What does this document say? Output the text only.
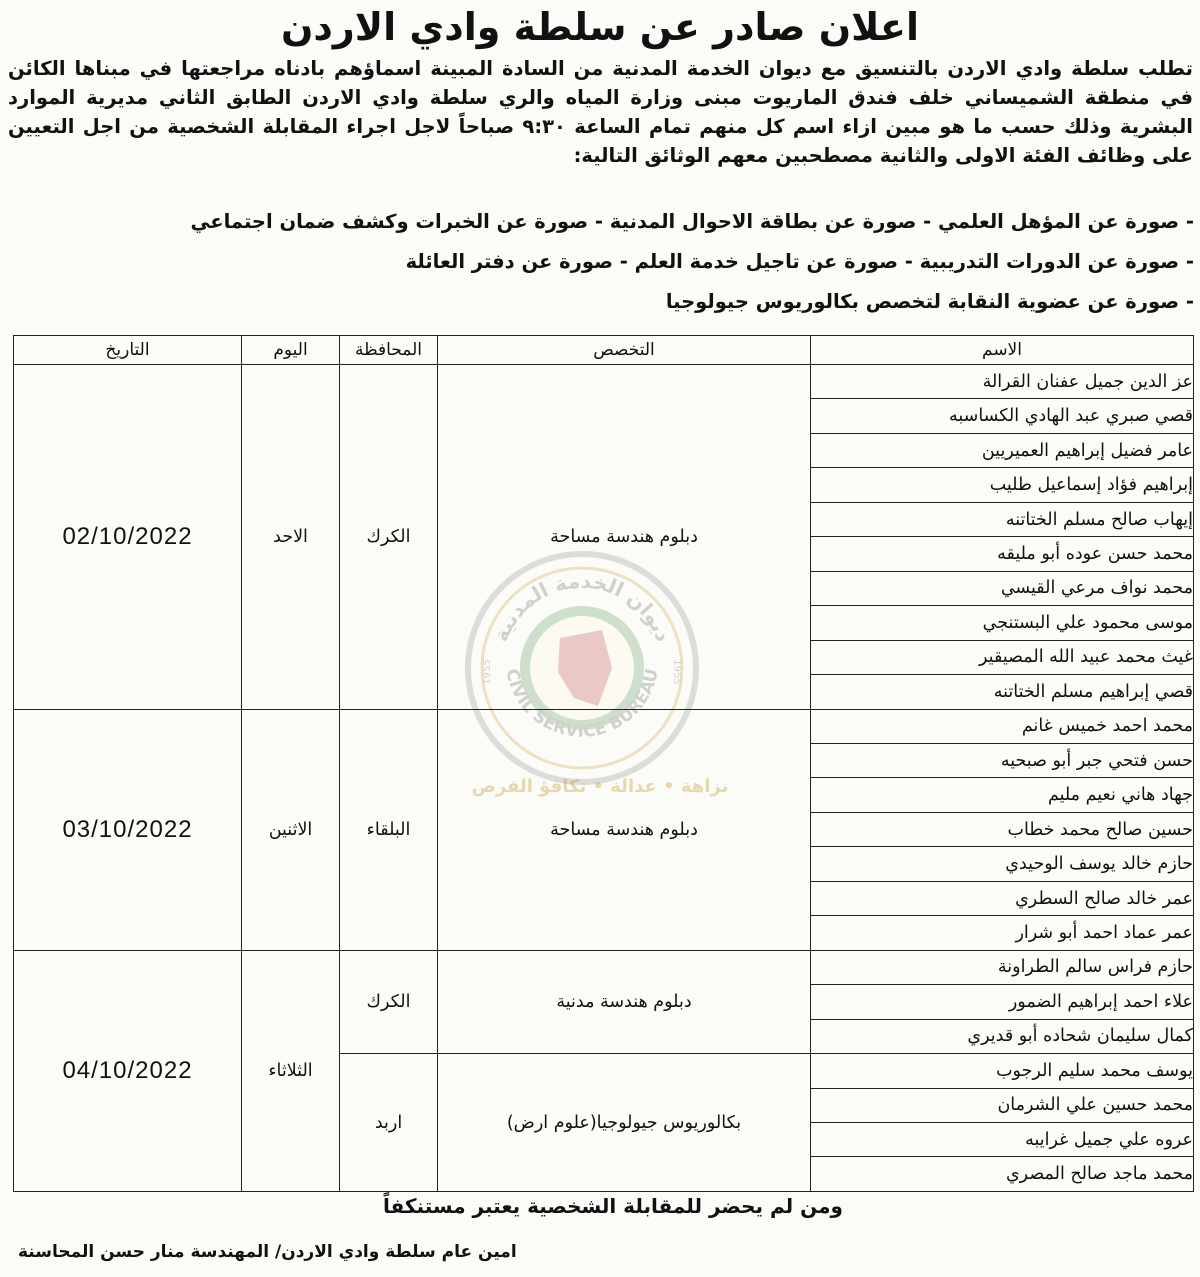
اعلان صادر عن سلطة وادي الاردن
تطلب سلطة وادي الاردن بالتنسيق مع ديوان الخدمة المدنية من السادة المبينة اسماؤهم بادناه مراجعتها في مبناها الكائن في منطقة الشميساني خلف فندق الماريوت مبنى وزارة المياه والري سلطة وادي الاردن الطابق الثاني مديرية الموارد البشرية وذلك حسب ما هو مبين ازاء اسم كل منهم تمام الساعة ٩:٣٠ صباحاً لاجل اجراء المقابلة الشخصية من اجل التعيين على وظائف الفئة الاولى والثانية مصطحبين معهم الوثائق التالية:
- صورة عن المؤهل العلمي - صورة عن بطاقة الاحوال المدنية - صورة عن الخبرات وكشف ضمان اجتماعي
- صورة عن الدورات التدريبية - صورة عن تاجيل خدمة العلم - صورة عن دفتر العائلة
- صورة عن عضوية النقابة لتخصص بكالوريوس جيولوجيا
ديوان الخدمة المدنية
CIVIL SERVICE BUREAU
1955	1955
نزاهة • عدالة • تكافؤ الفرص
الاسم	التخصص	المحافظة	اليوم	التاريخ
عز الدين جميل عفنان القرالة	دبلوم هندسة مساحة	الكرك	الاحد	02/10/2022
قصي صبري عبد الهادي الكساسبه				
عامر فضيل إبراهيم العميريين				
إبراهيم فؤاد إسماعيل طليب				
إيهاب صالح مسلم الختاتنه				
محمد حسن عوده أبو مليقه				
محمد نواف مرعي القيسي				
موسى محمود علي البستنجي				
غيث محمد عبيد الله المصيقير				
قصي إبراهيم مسلم الختاتنه				
محمد احمد خميس غانم	دبلوم هندسة مساحة	البلقاء	الاثنين	03/10/2022
حسن فتحي جبر أبو صبحيه				
جهاد هاني نعيم مليم				
حسين صالح محمد خطاب				
حازم خالد يوسف الوحيدي				
عمر خالد صالح السطري				
عمر عماد احمد أبو شرار				
حازم فراس سالم الطراونة	دبلوم هندسة مدنية	الكرك	الثلاثاء	04/10/2022
علاء احمد إبراهيم الضمور				
كمال سليمان شحاده أبو قديري				
يوسف محمد سليم الرجوب	بكالوريوس جيولوجيا(علوم ارض)	اربد		
محمد حسين علي الشرمان				
عروه علي جميل غرايبه				
محمد ماجد صالح المصري				
ومن لم يحضر للمقابلة الشخصية يعتبر مستنكفاً
امين عام سلطة وادي الاردن/ المهندسة منار حسن المحاسنة
